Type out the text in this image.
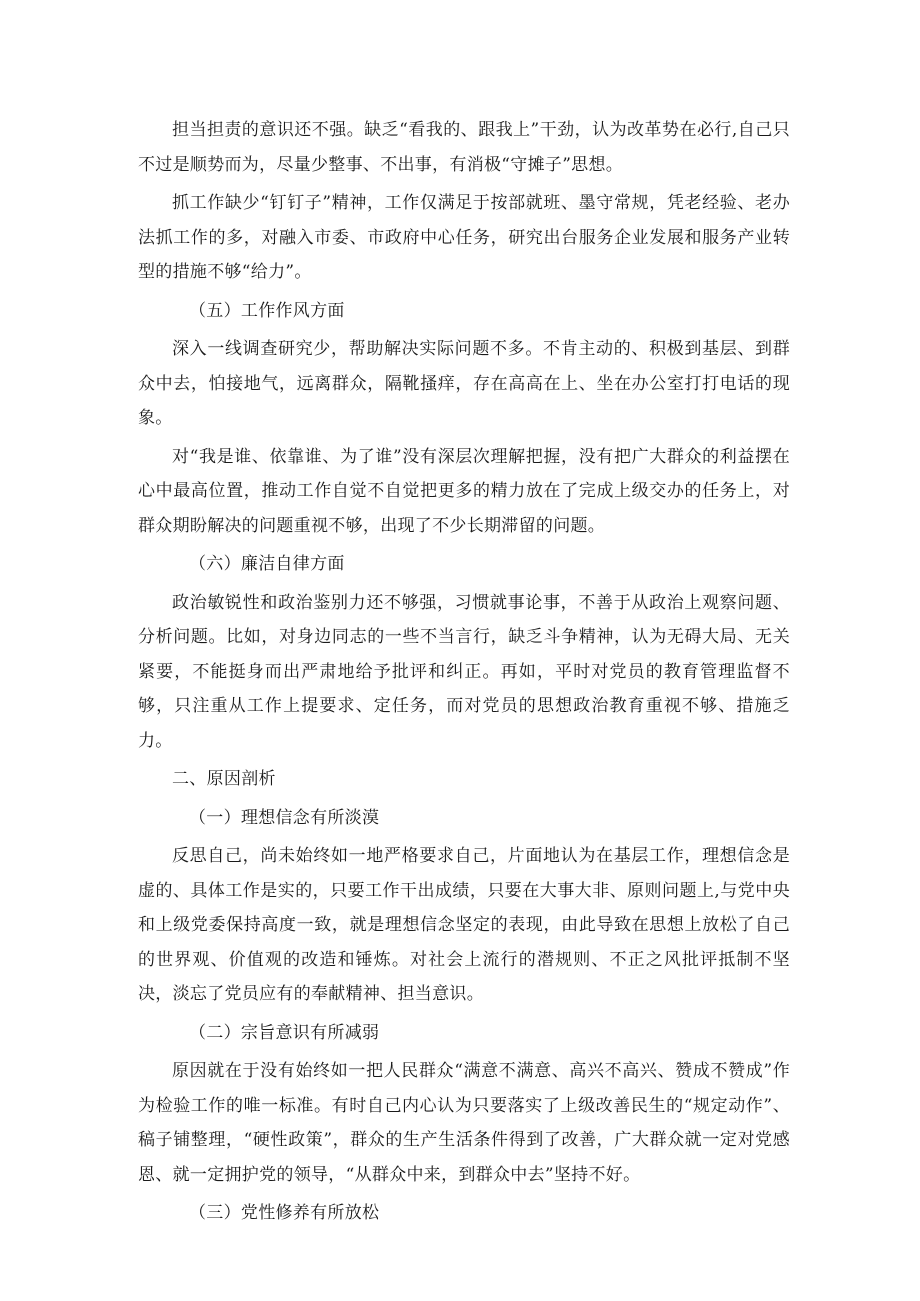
担当担责的意识还不强。缺乏“看我的、跟我上”干劲，认为改革势在必行,自己只不过是顺势而为，尽量少整事、不出事，有消极“守摊子”思想。

抓工作缺少“钉钉子”精神，工作仅满足于按部就班、墨守常规，凭老经验、老办法抓工作的多，对融入市委、市政府中心任务，研究出台服务企业发展和服务产业转型的措施不够“给力”。

（五）工作作风方面

深入一线调查研究少，帮助解决实际问题不多。不肯主动的、积极到基层、到群众中去，怕接地气，远离群众，隔靴搔痒，存在高高在上、坐在办公室打打电话的现象。

对“我是谁、依靠谁、为了谁”没有深层次理解把握，没有把广大群众的利益摆在心中最高位置，推动工作自觉不自觉把更多的精力放在了完成上级交办的任务上，对群众期盼解决的问题重视不够，出现了不少长期滞留的问题。

（六）廉洁自律方面

政治敏锐性和政治鉴别力还不够强，习惯就事论事，不善于从政治上观察问题、分析问题。比如，对身边同志的一些不当言行，缺乏斗争精神，认为无碍大局、无关紧要，不能挺身而出严肃地给予批评和纠正。再如，平时对党员的教育管理监督不够，只注重从工作上提要求、定任务，而对党员的思想政治教育重视不够、措施乏力。

二、原因剖析

（一）理想信念有所淡漠

反思自己，尚未始终如一地严格要求自己，片面地认为在基层工作，理想信念是虚的、具体工作是实的，只要工作干出成绩，只要在大事大非、原则问题上,与党中央和上级党委保持高度一致，就是理想信念坚定的表现，由此导致在思想上放松了自己的世界观、价值观的改造和锤炼。对社会上流行的潜规则、不正之风批评抵制不坚决，淡忘了党员应有的奉献精神、担当意识。

（二）宗旨意识有所减弱

原因就在于没有始终如一把人民群众“满意不满意、高兴不高兴、赞成不赞成”作为检验工作的唯一标准。有时自己内心认为只要落实了上级改善民生的“规定动作”、稿子铺整理，“硬性政策”，群众的生产生活条件得到了改善，广大群众就一定对党感恩、就一定拥护党的领导，“从群众中来，到群众中去”坚持不好。

（三）党性修养有所放松
